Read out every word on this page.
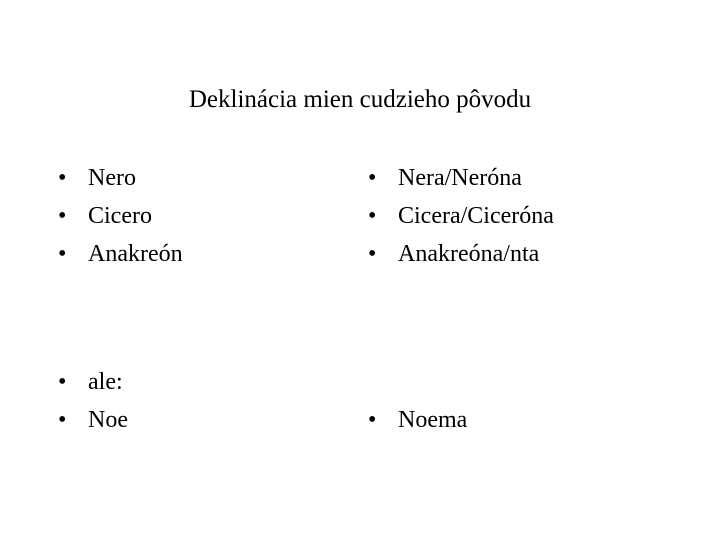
Deklinácia mien cudzieho pôvodu
• Nero
• Cicero
• Anakreón
• Nera/Neróna
• Cicera/Ciceróna
• Anakreóna/nta
• ale:
• Noe	• Noema
